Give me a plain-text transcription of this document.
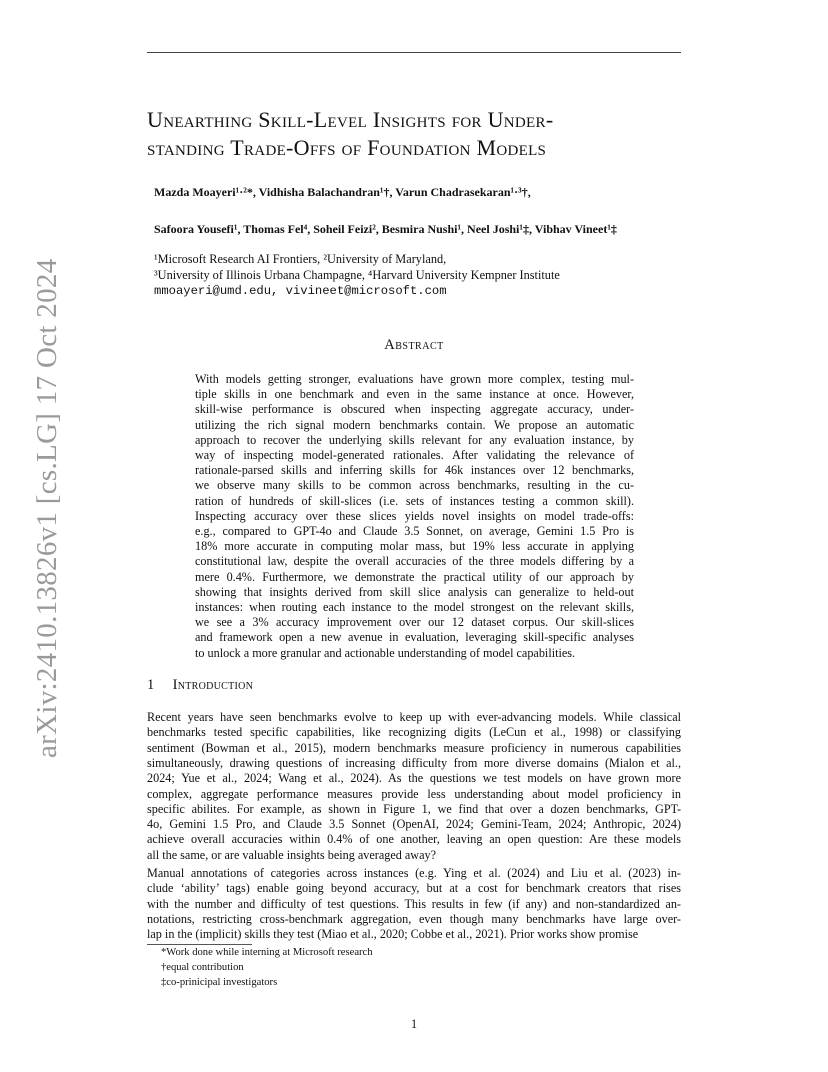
arXiv:2410.13826v1 [cs.LG] 17 Oct 2024
Unearthing Skill-Level Insights for Under-
standing Trade-Offs of Foundation Models
Mazda Moayeri¹·²*, Vidhisha Balachandran¹†, Varun Chadrasekaran¹·³†,
Safoora Yousefi¹, Thomas Fel⁴, Soheil Feizi², Besmira Nushi¹, Neel Joshi¹‡, Vibhav Vineet¹‡
¹Microsoft Research AI Frontiers, ²University of Maryland,
³University of Illinois Urbana Champagne, ⁴Harvard University Kempner Institute
mmoayeri@umd.edu, vivineet@microsoft.com
Abstract
With models getting stronger, evaluations have grown more complex, testing mul-
tiple skills in one benchmark and even in the same instance at once. However,
skill-wise performance is obscured when inspecting aggregate accuracy, under-
utilizing the rich signal modern benchmarks contain. We propose an automatic
approach to recover the underlying skills relevant for any evaluation instance, by
way of inspecting model-generated rationales. After validating the relevance of
rationale-parsed skills and inferring skills for 46k instances over 12 benchmarks,
we observe many skills to be common across benchmarks, resulting in the cu-
ration of hundreds of skill-slices (i.e. sets of instances testing a common skill).
Inspecting accuracy over these slices yields novel insights on model trade-offs:
e.g., compared to GPT-4o and Claude 3.5 Sonnet, on average, Gemini 1.5 Pro is
18% more accurate in computing molar mass, but 19% less accurate in applying
constitutional law, despite the overall accuracies of the three models differing by a
mere 0.4%. Furthermore, we demonstrate the practical utility of our approach by
showing that insights derived from skill slice analysis can generalize to held-out
instances: when routing each instance to the model strongest on the relevant skills,
we see a 3% accuracy improvement over our 12 dataset corpus. Our skill-slices
and framework open a new avenue in evaluation, leveraging skill-specific analyses
to unlock a more granular and actionable understanding of model capabilities.
1 Introduction
Recent years have seen benchmarks evolve to keep up with ever-advancing models. While classical
benchmarks tested specific capabilities, like recognizing digits (LeCun et al., 1998) or classifying
sentiment (Bowman et al., 2015), modern benchmarks measure proficiency in numerous capabilities
simultaneously, drawing questions of increasing difficulty from more diverse domains (Mialon et al.,
2024; Yue et al., 2024; Wang et al., 2024). As the questions we test models on have grown more
complex, aggregate performance measures provide less understanding about model proficiency in
specific abilites. For example, as shown in Figure 1, we find that over a dozen benchmarks, GPT-
4o, Gemini 1.5 Pro, and Claude 3.5 Sonnet (OpenAI, 2024; Gemini-Team, 2024; Anthropic, 2024)
achieve overall accuracies within 0.4% of one another, leaving an open question: Are these models
all the same, or are valuable insights being averaged away?
Manual annotations of categories across instances (e.g. Ying et al. (2024) and Liu et al. (2023) in-
clude ‘ability’ tags) enable going beyond accuracy, but at a cost for benchmark creators that rises
with the number and difficulty of test questions. This results in few (if any) and non-standardized an-
notations, restricting cross-benchmark aggregation, even though many benchmarks have large over-
lap in the (implicit) skills they test (Miao et al., 2020; Cobbe et al., 2021). Prior works show promise
*Work done while interning at Microsoft research
†equal contribution
‡co-prinicipal investigators
1
